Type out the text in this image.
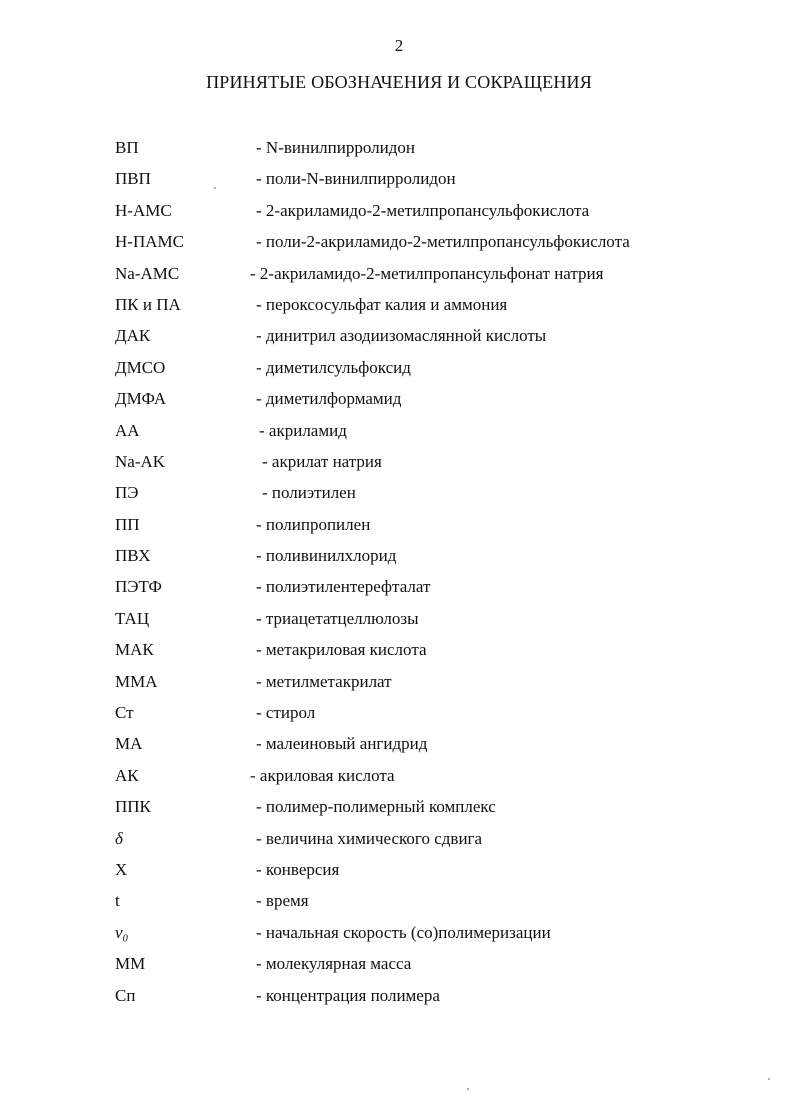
2
ПРИНЯТЫЕ ОБОЗНАЧЕНИЯ И СОКРАЩЕНИЯ
ВП	- N-винилпирролидон
ПВП	- поли-N-винилпирролидон
Н-АМС	- 2-акриламидо-2-метилпропансульфокислота
Н-ПАМС	- поли-2-акриламидо-2-метилпропансульфокислота
Na-AMC	- 2-акриламидо-2-метилпропансульфонат натрия
ПК и ПА	- пероксосульфат калия и аммония
ДАК	- динитрил азодиизомасляннoй кислоты
ДМСО	- диметилсульфоксид
ДМФА	- диметилформамид
АА	- акриламид
Na-AK	- акрилат натрия
ПЭ	- полиэтилен
ПП	- полипропилен
ПВХ	- поливинилхлорид
ПЭТФ	- полиэтилентерефталат
ТАЦ	- триацетатцеллюлозы
МАК	- метакриловая кислота
ММА	- метилметакрилат
Ст	- стирол
МА	- малеиновый ангидрид
АК	- акриловая кислота
ППК	- полимер-полимерный комплекс
δ	- величина химического сдвига
Х	- конверсия
t	- время
ν₀	- начальная скорость (со)полимеризации
ММ	- молекулярная масса
Сп	- концентрация полимера
